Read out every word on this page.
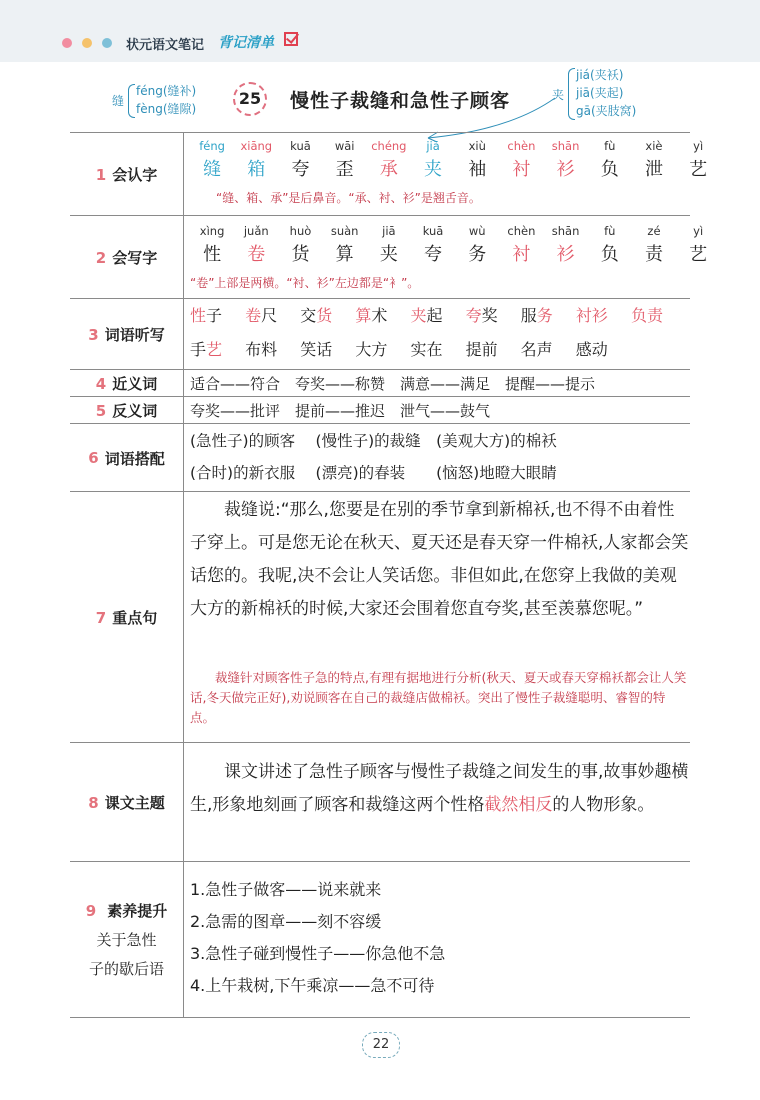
状元语文笔记 背记清单
缝
féng(缝补)
fèng(缝隙)
夹
jiá(夹袄)
jiā(夹起)
gā(夹肢窝)
25	慢性子裁缝和急性子顾客
1 会认字
féng
缝
xiāng
箱
kuā
夸
wāi
歪
chéng
承
jiā
夹
xiù
袖
chèn
衬
shān
衫
fù
负
xiè
泄
yì
艺
“缝、箱、承”是后鼻音。“承、衬、衫”是翘舌音。
2 会写字
xìng
性
juǎn
卷
huò
货
suàn
算
jiā
夹
kuā
夸
wù
务
chèn
衬
shān
衫
fù
负
zé
责
yì
艺
“卷”上部是两横。“衬、衫”左边都是“衤”。
3 词语听写
性子 卷尺 交货 算术 夹起 夸奖 服务 衬衫 负责
手艺 布料 笑话 大方 实在 提前 名声 感动
4 近义词 适合——符合　夸奖——称赞　满意——满足　提醒——提示
5 反义词 夸奖——批评　提前——推迟　泄气——鼓气
6 词语搭配
(急性子)的顾客　 (慢性子)的裁缝　(美观大方)的棉袄
(合时)的新衣服　 (漂亮)的春装　　(恼怒)地瞪大眼睛
7 重点句
裁缝说:“那么,您要是在别的季节拿到新棉袄,也不得不由着性子穿上。可是您无论在秋天、夏天还是春天穿一件棉袄,人家都会笑话您的。我呢,决不会让人笑话您。非但如此,在您穿上我做的美观大方的新棉袄的时候,大家还会围着您直夸奖,甚至羡慕您呢。”
裁缝针对顾客性子急的特点,有理有据地进行分析(秋天、夏天或春天穿棉袄都会让人笑话,冬天做完正好),劝说顾客在自己的裁缝店做棉袄。突出了慢性子裁缝聪明、睿智的特点。
8 课文主题
课文讲述了急性子顾客与慢性子裁缝之间发生的事,故事妙趣横生,形象地刻画了顾客和裁缝这两个性格截然相反的人物形象。
9 素养提升
关于急性
子的歇后语
1.急性子做客——说来就来
2.急需的图章——刻不容缓
3.急性子碰到慢性子——你急他不急
4.上午栽树,下午乘凉——急不可待
22
